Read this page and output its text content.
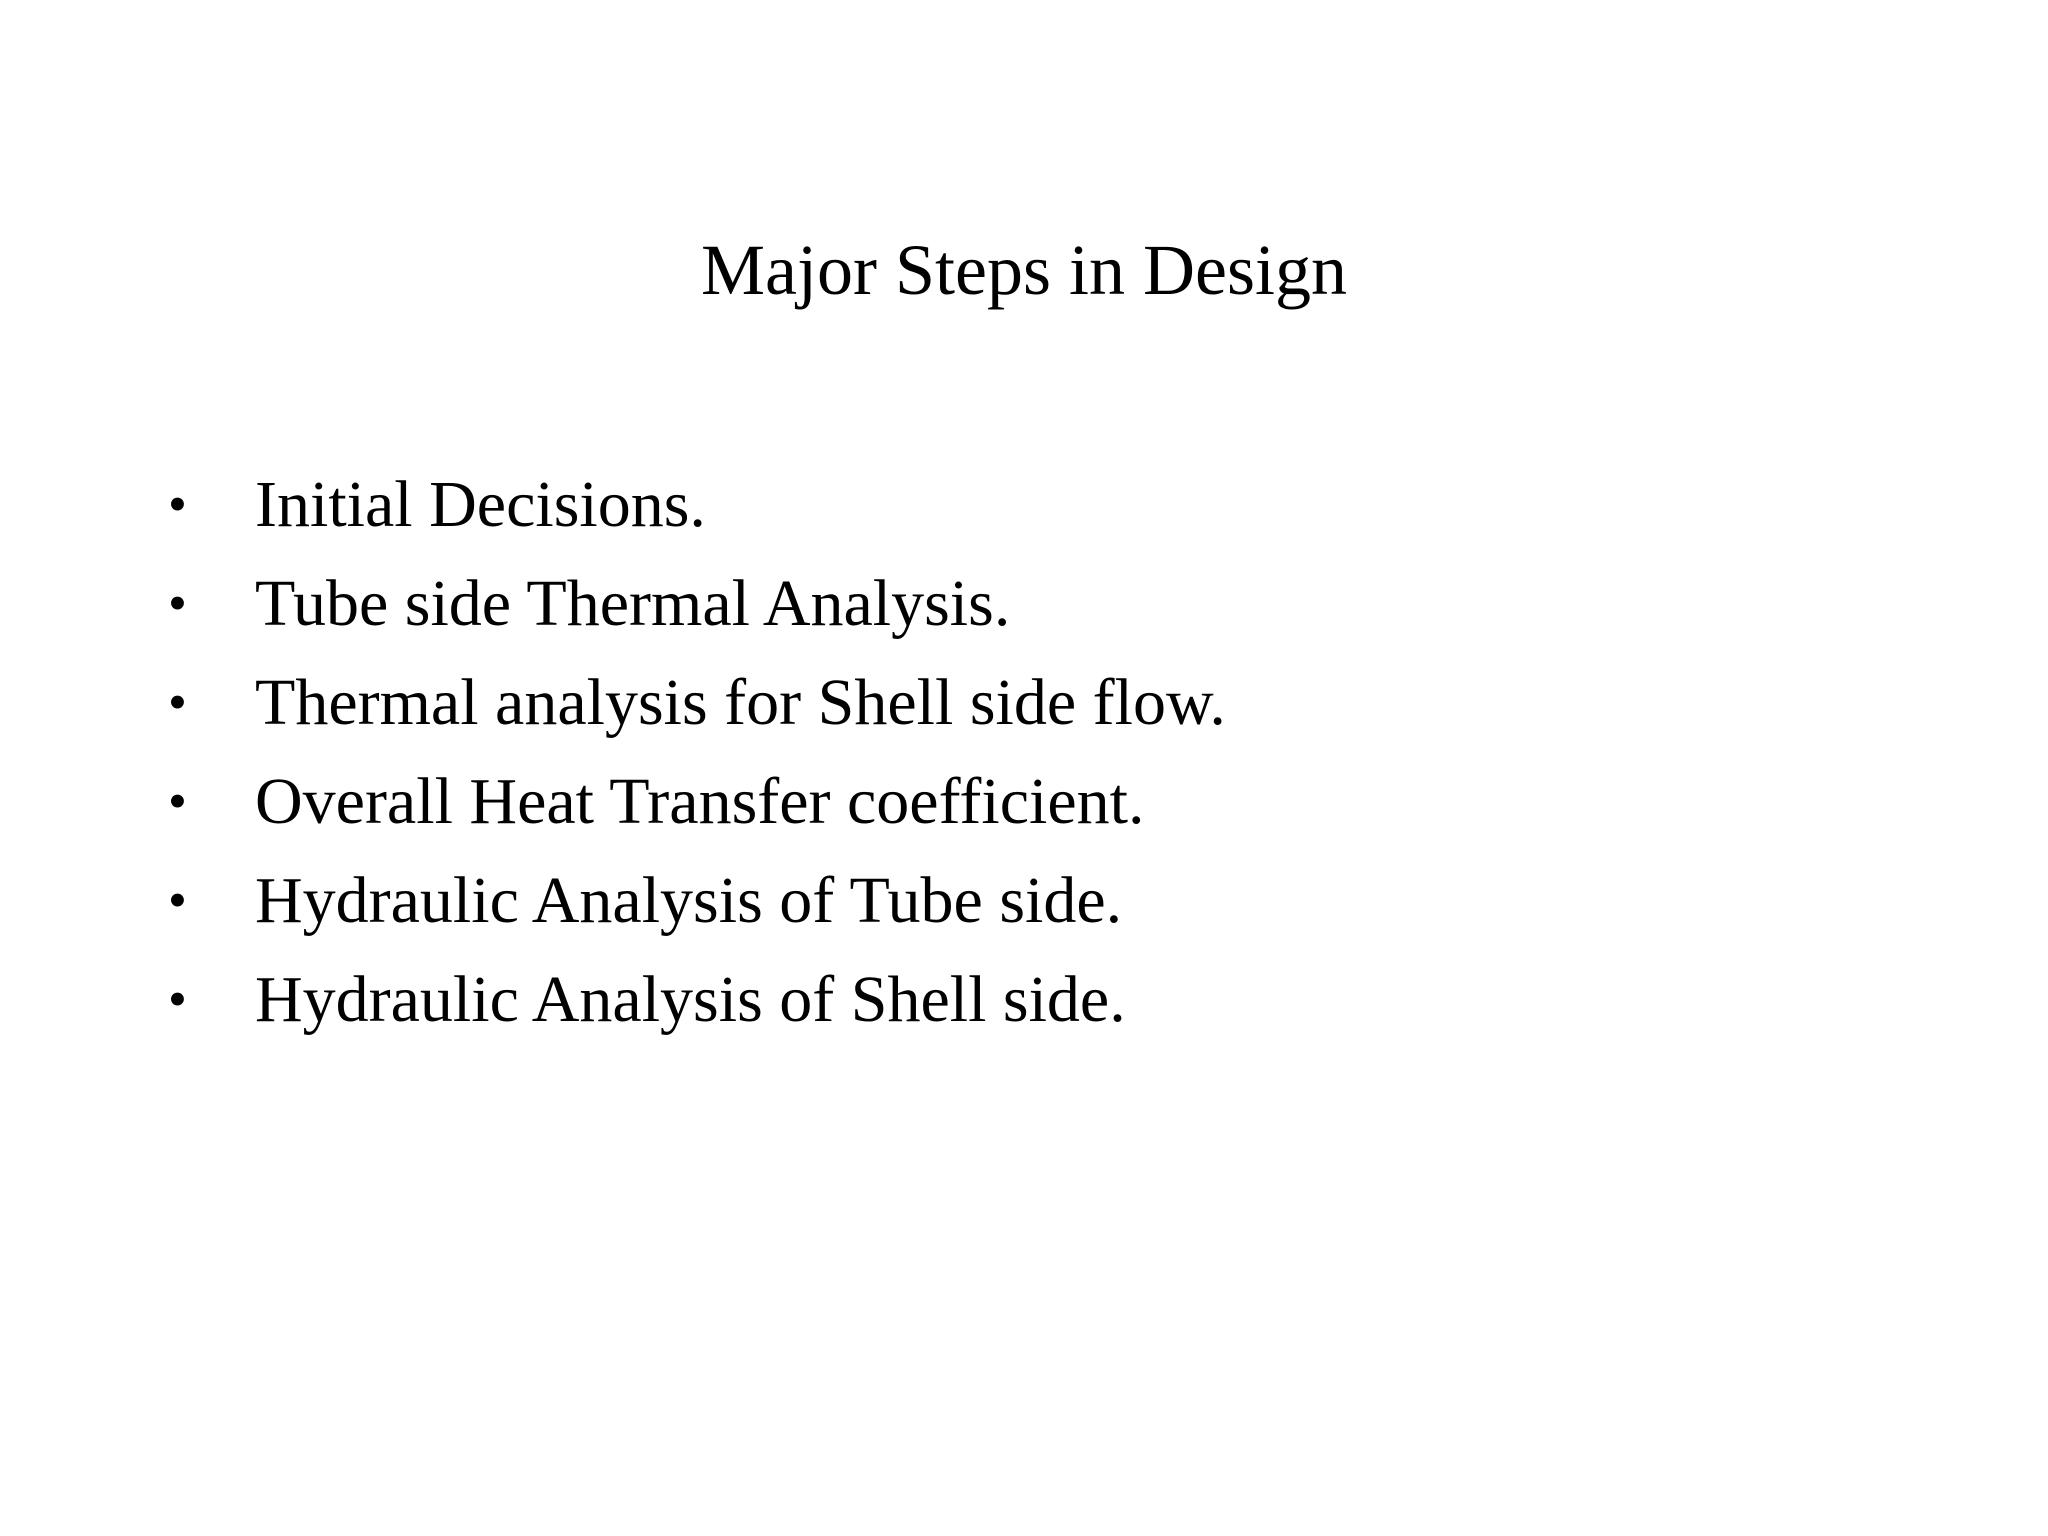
Major Steps in Design
•	Initial Decisions.
•	Tube side Thermal Analysis.
•	Thermal analysis for Shell side flow.
•	Overall Heat Transfer coefficient.
•	Hydraulic Analysis of Tube side.
•	Hydraulic Analysis of Shell side.
